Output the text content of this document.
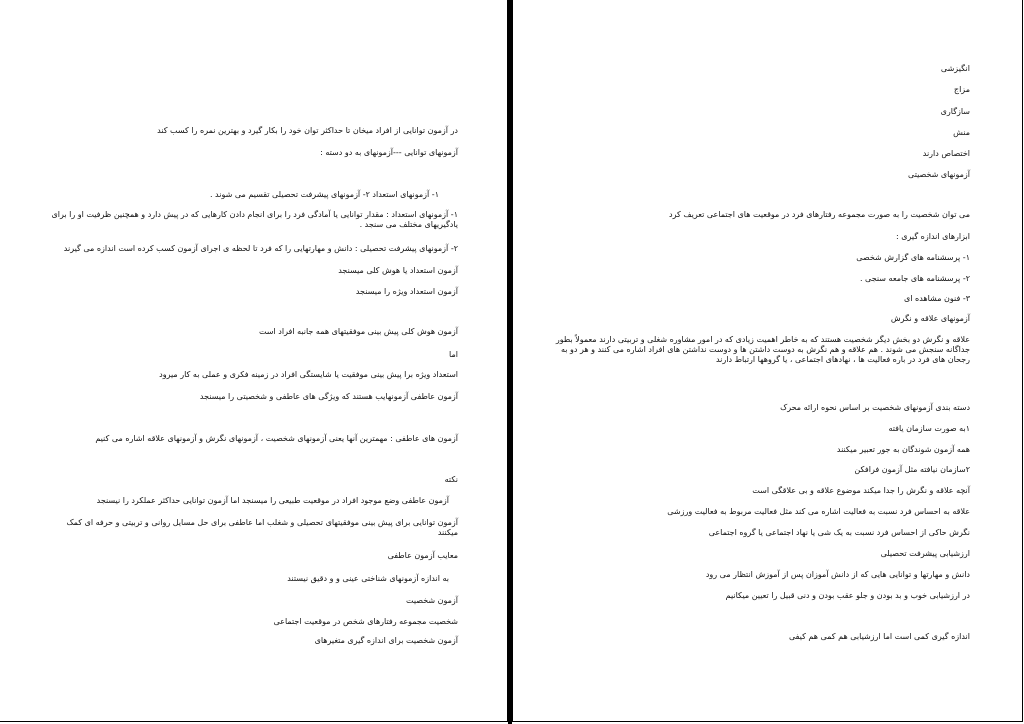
در آزمون توانایی از افراد میخان تا حداکثر توان خود را بکار گیرد و بهترین نمره را کسب کند
آزمونهای توانایی ---آزمونهای به دو دسته :
۱- آزمونهای استعداد ۲- آزمونهای پیشرفت تحصیلی تقسیم می شوند .
۱- آزمونهای استعداد : مقدار توانایی یا آمادگی فرد را برای انجام دادن کارهایی که در پیش دارد و همچنین ظرفیت او را برای یادگیریهای مختلف می سنجد .
۲- آزمونهای پیشرفت تحصیلی : دانش و مهارتهایی را که فرد تا لحظه ی اجرای آزمون کسب کرده است اندازه می گیرند
آزمون استعداد یا هوش کلی میسنجد
آزمون استعداد ویژه را میسنجد
آزمون هوش کلی پیش بینی موفقیتهای همه جانبه افراد است
اما
استعداد ویژه برا پیش بینی موفقیت یا شایستگی افراد در زمینه فکری و عملی به کار میرود
آزمون عاطفی آزمونهایب هستند که ویژگی های عاطفی و شخصیتی را میسنجد
آزمون های عاطفی : مهمترین آنها یعنی آزمونهای شخصیت ، آزمونهای نگرش و آزمونهای علاقه اشاره می کنیم
نکته
آزمون عاطفی وضع موجود افراد در موقعیت طبیعی را میسنجد اما آزمون توانایی حداکثر عملکرد را نیسنجد
آزمون توانایی برای پیش بینی موفقیتهای تحصیلی و شغلب اما عاطفی برای حل مسایل روانی و تربیتی و حرفه ای کمک میکنند
معایب آزمون عاطفی
به اندازه آزمونهای شناختی عینی و و دقیق نیستند
آزمون شخصیت
شخصیت مجموعه رفتارهای شخص در موقعیت اجتماعی
آزمون شخصیت برای اندازه گیری متغیرهای
انگیزشی
مزاج
سازگاری
منش
اختصاص دارند
آزمونهای شخصیتی
می توان شخصیت را به صورت مجموعه رفتارهای فرد در موقعیت های اجتماعی تعریف کرد
ابزارهای اندازه گیری :
۱- پرسشنامه های گزارش شخصی
۲- پرسشنامه های جامعه سنجی .
۳- فنون مشاهده ای
آزمونهای علاقه و نگرش
علاقه و نگرش دو بخش دیگر شخصیت هستند که به خاطر اهمیت زیادی که در امور مشاوره شغلی و تربیتی دارند معمولاً بطور جداگانه سنجش می شوند . هم علاقه و هم نگرش به دوست داشتن ها و دوست نداشتن های افراد اشاره می کنند و هر دو به رجحان های فرد در باره فعالیت ها ، نهادهای اجتماعی ، یا گروهها ارتباط دارند
دسته بندی آزمونهای شخصیت بر اساس نحوه ارائه محرک
۱به صورت سازمان یافته
همه آزمون شوندگان به جور تعبیر میکنند
۲سازمان نیافته مثل آزمون فرافکن
آنچه علاقه و نگرش را جدا میکند موضوع علاقه و بی علاقگی است
علاقه به احساس فرد نسبت به فعالیت اشاره می کند مثل فعالیت مربوط به فعالیت ورزشی
نگرش حاکی از احساس فرد نسبت به یک شی یا نهاد اجتماعی یا گروه اجتماعی
ارزشیابی پیشرفت تحصیلی
دانش و مهارتها و توانایی هایی که از دانش آموزان پس از آموزش انتظار می رود
در ارزشیابی خوب و بد بودن و جلو عقب بودن و دنی قبیل را تعیین میکانیم
اندازه گیری کمی است اما ارزشیابی هم کمی هم کیفی
